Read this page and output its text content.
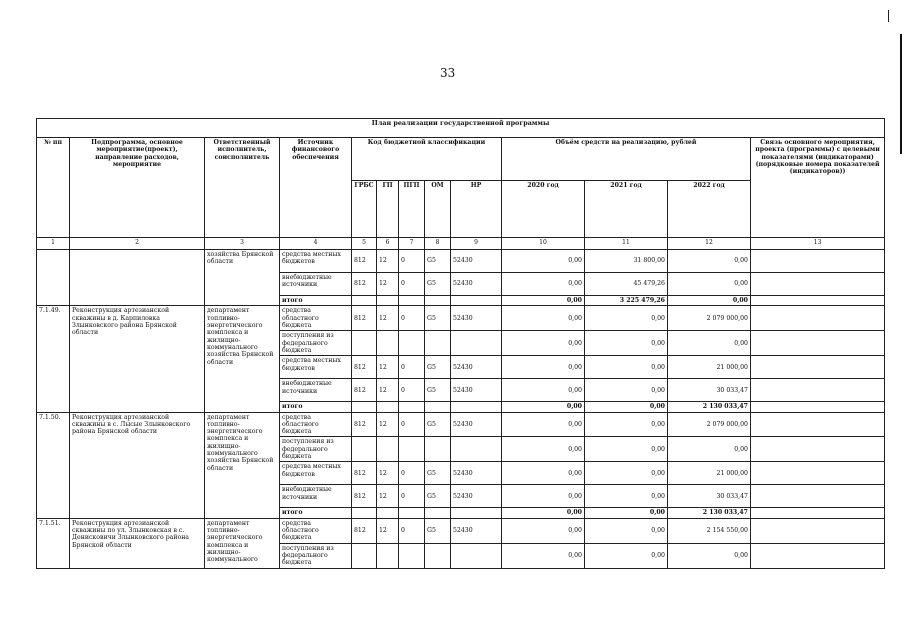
33
План реализации государственной программы												
№ пп	Подпрограмма, основное мероприятие(проект), направление расходов, мероприятие	Ответственный исполнитель, соисполнитель	Источник финансового обеспечения	Код бюджетной классификации					Объём средств на реализацию, рублей			Связь основного мероприятия, проекта (программы) с целевыми показателями (индикаторами) (порядковые номера показателей (индикаторов))
				ГРБС	ГП	ПГП	ОМ	НР	2020 год	2021 год	2022 год	
1	2	3	4	5	6	7	8	9	10	11	12	13
		хозяйства Брянской области	средства местных бюджетов	812	12	0	G5	52430	0,00	31 800,00	0,00	
			внебюджетные источники	812	12	0	G5	52430	0,00	45 479,26	0,00	
			итого						0,00	3 225 479,26	0,00	
7.1.49.	Реконструкция артезианской скважины в д. Карпиловка Злынковского района Брянской области	департамент топливно-энергетического комплекса и жилищно-коммунального хозяйства Брянской области	средства областного бюджета	812	12	0	G5	52430	0,00	0,00	2 079 000,00	
			поступления из федерального бюджета						0,00	0,00	0,00	
			средства местных бюджетов	812	12	0	G5	52430	0,00	0,00	21 000,00	
			внебюджетные источники	812	12	0	G5	52430	0,00	0,00	30 033,47	
			итого						0,00	0,00	2 130 033,47	
7.1.50.	Реконструкция артезианской скважины в с. Лысые Злынковского района Брянской области	департамент топливно-энергетического комплекса и жилищно-коммунального хозяйства Брянской области	средства областного бюджета	812	12	0	G5	52430	0,00	0,00	2 079 000,00	
			поступления из федерального бюджета						0,00	0,00	0,00	
			средства местных бюджетов	812	12	0	G5	52430	0,00	0,00	21 000,00	
			внебюджетные источники	812	12	0	G5	52430	0,00	0,00	30 033,47	
			итого						0,00	0,00	2 130 033,47	
7.1.51.	Реконструкция артезианской скважины по ул. Злынковская в с. Денисковичи Злынковского района Брянской области	департамент топливно-энергетического комплекса и жилищно-коммунального	средства областного бюджета	812	12	0	G5	52430	0,00	0,00	2 154 550,00	
			поступления из федерального бюджета						0,00	0,00	0,00	
